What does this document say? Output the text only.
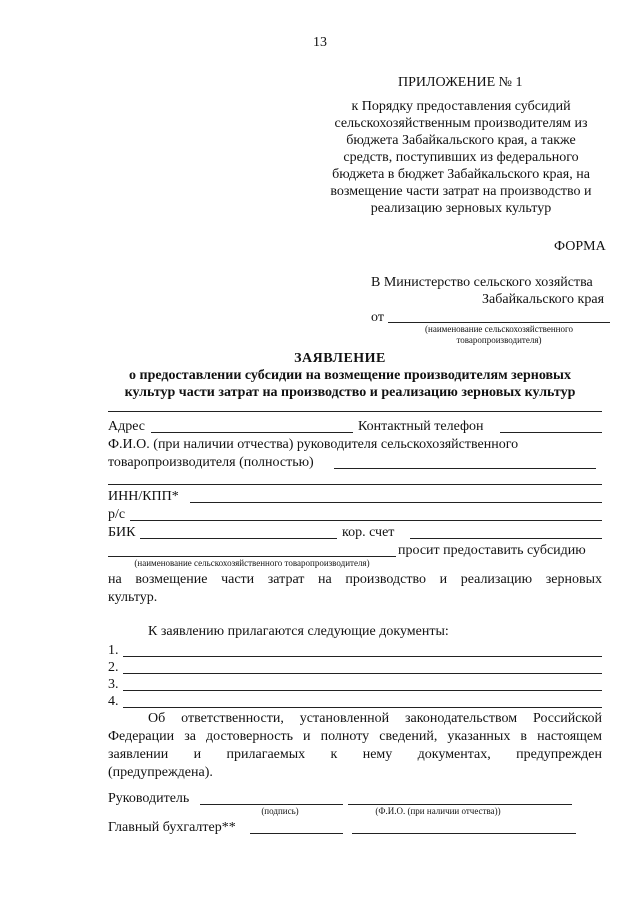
13
ПРИЛОЖЕНИЕ № 1
к Порядку предоставления субсидий
сельскохозяйственным производителям из
бюджета Забайкальского края, а также
средств, поступивших из федерального
бюджета в бюджет Забайкальского края, на
возмещение части затрат на производство и
реализацию зерновых культур
ФОРМА
В Министерство сельского хозяйства
Забайкальского края
от
(наименование сельскохозяйственного
товаропроизводителя)
ЗАЯВЛЕНИЕ
о предоставлении субсидии на возмещение производителям зерновых
культур части затрат на производство и реализацию зерновых культур
Адрес	Контактный телефон
Ф.И.О. (при наличии отчества) руководителя сельскохозяйственного
товаропроизводителя (полностью)
ИНН/КПП*
р/с
БИК	кор. счет
просит предоставить субсидию
(наименование сельскохозяйственного товаропроизводителя)
на возмещение части затрат на производство и реализацию зерновых
культур.
К заявлению прилагаются следующие документы:
1.
2.
3.
4.
Об ответственности, установленной законодательством Российской
Федерации за достоверность и полноту сведений, указанных в настоящем
заявлении и прилагаемых к нему документах, предупрежден
(предупреждена).
Руководитель
(подпись)	(Ф.И.О. (при наличии отчества))
Главный бухгалтер**
